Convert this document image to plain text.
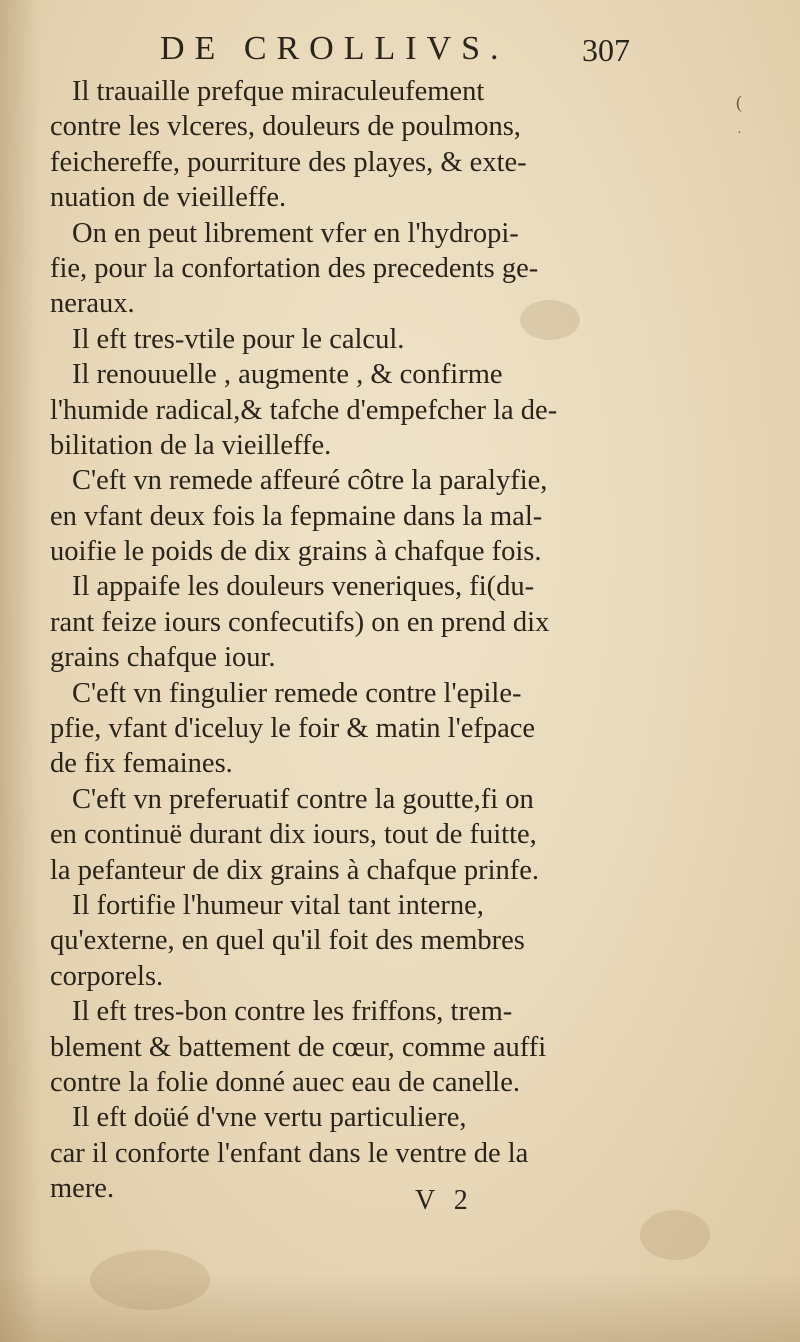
(
·
DE CROLLIVS. 307
Il trauaille prefque miraculeufement
contre les vlceres, douleurs de poulmons,
feichereffe, pourriture des playes, & exte-
nuation de vieilleffe.
On en peut librement vfer en l'hydropi-
fie, pour la confortation des precedents ge-
neraux.
Il eft tres-vtile pour le calcul.
Il renouuelle , augmente , & confirme
l'humide radical,& tafche d'empefcher la de-
bilitation de la vieilleffe.
C'eft vn remede affeuré côtre la paralyfie,
en vfant deux fois la fepmaine dans la mal-
uoifie le poids de dix grains à chafque fois.
Il appaife les douleurs veneriques, fi(du-
rant feize iours confecutifs) on en prend dix
grains chafque iour.
C'eft vn fingulier remede contre l'epile-
pfie, vfant d'iceluy le foir & matin l'efpace
de fix femaines.
C'eft vn preferuatif contre la goutte,fi on
en continuë durant dix iours, tout de fuitte,
la pefanteur de dix grains à chafque prinfe.
Il fortifie l'humeur vital tant interne,
qu'externe, en quel qu'il foit des membres
corporels.
Il eft tres-bon contre les friffons, trem-
blement & battement de cœur, comme auffi
contre la folie donné auec eau de canelle.
Il eft doüé d'vne vertu particuliere,
car il conforte l'enfant dans le ventre de la
mere.	V 2
